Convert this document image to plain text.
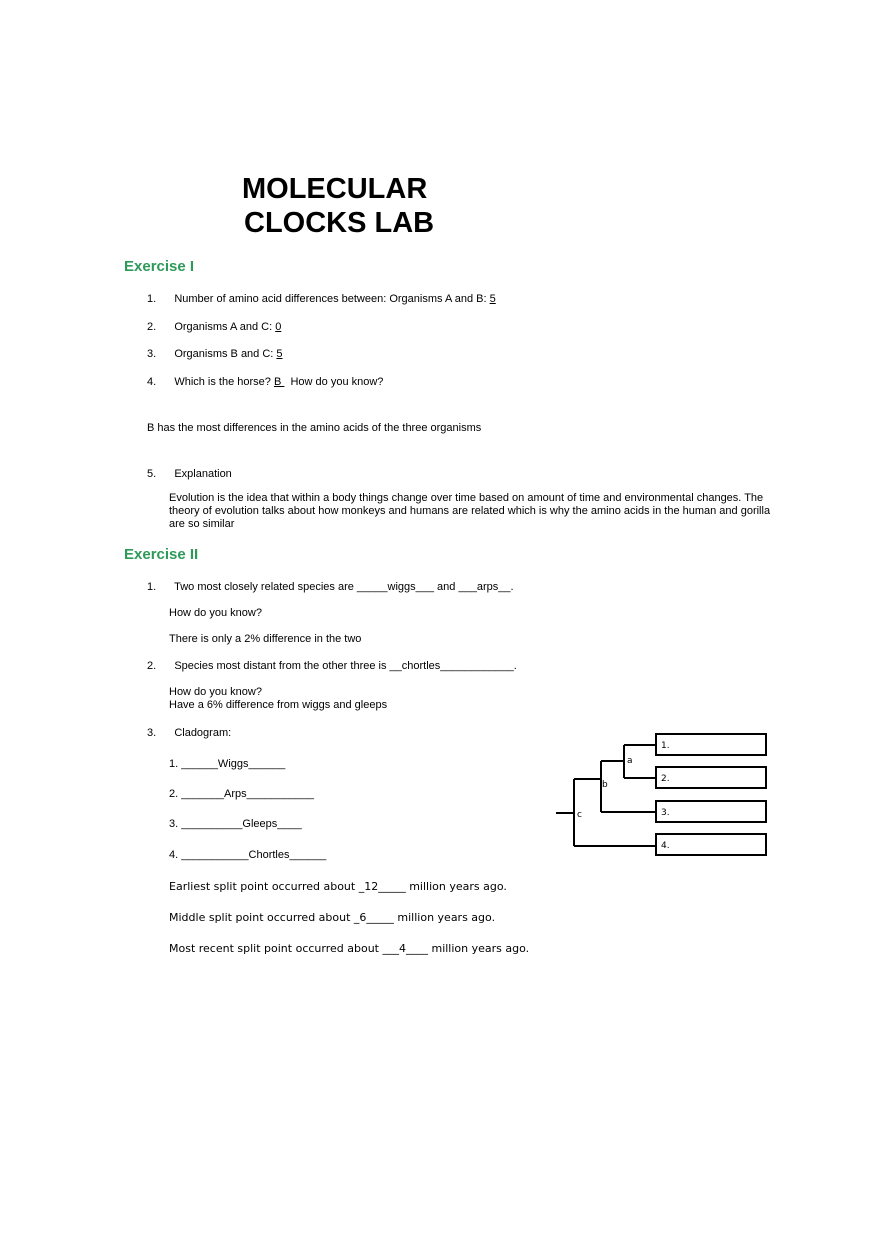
MOLECULAR
CLOCKS LAB
Exercise I
1. Number of amino acid differences between: Organisms A and B: 5
2. Organisms A and C: 0
3. Organisms B and C: 5
4. Which is the horse? B   How do you know?
B has the most differences in the amino acids of the three organisms
5. Explanation
Evolution is the idea that within a body things change over time based on amount of time and environmental changes. The theory of evolution talks about how monkeys and humans are related which is why the amino acids in the human and gorilla are so similar
Exercise II
1. Two most closely related species are _____wiggs___ and ___arps__.
How do you know?
There is only a 2% difference in the two
2. Species most distant from the other three is __chortles____________.
How do you know?
Have a 6% difference from wiggs and gleeps
3. Cladogram:
1. ______Wiggs______
2. _______Arps___________
3. __________Gleeps____
4. ___________Chortles______
Earliest split point occurred about _12_____ million years ago.
Middle split point occurred about _6_____ million years ago.
Most recent split point occurred about ___4____ million years ago.
a
b
c
1.
2.
3.
4.
